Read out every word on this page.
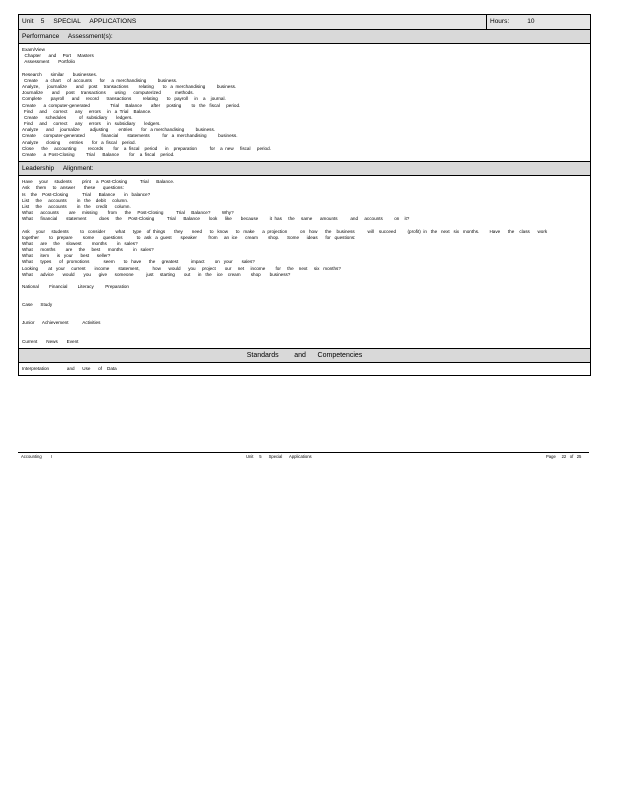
Unit    5     SPECIAL     APPLICATIONS	Hours:          10
Performance     Assessment(s):
Exam/View
Chapter      and     Port     Masters
Assessment       Portfolio
Research       similar       businesses.
Create      a  chart     of  accounts      for     a  merchandising         business.
Analyze,      journalize       and    post     transactions        relating       to   a  merchandising         business.
Journalize       and     post     transactions       using      computerized           methods.
Complete       payroll      and     record      transactions         relating       to   payroll     in    a    journal.
Create      a  computer-generated                Trial     Balance       after     posting        to   the   fiscal     period.
Find     and     correct      any     errors     in   a  Trial    Balance.
Create      schedules          of   subsidiary       ledgers.
Find     and     correct      any     errors     in   subsidiary       ledgers.
Analyze      and     journalize        adjusting        entries       for   a merchandising         business.
Create      computer-generated             financial       statements          for   a  merchandising         business.
Analyze      closing       entries       for   a  fiscal    period.
Close      the     accounting         records        for    a  fiscal    period      in    preparation          for    a  new     fiscal     period.
Create      a  Post-Closing         Trial      Balance        for    a  fiscal    period.
Leadership     Alignment:
Have     your     students        print    a  Post-Closing          Trial      Balance.
Ask     them     to   answer       these      questions:
Is    the    Post-Closing           Trial      Balance       in   balance?
List     the     accounts        in   the    debit     column.
List     the     accounts        in   the    credit      column.
What      accounts        are     missing        from      the     Post-Closing          Trial     Balance?         Why?
What      financial       statement          does     the     Post-Closing          Trial      Balance       look      like       because         it  has     the     same      amounts          and     accounts         on    it?
Ask     your     students         to   consider        what      type    of  things       they       need      to   know      to   make      a  projection          on   how      the    business          will    succeed         (profit)  in   the   next   six   months.        Have      the    class      work
together        to   prepare        some       questions           to   ask   a  guest       speaker         from     an  ice      cream        shop.      Some      ideas      for   questions:
What      are     the     slowest        months        in   sales?
What      months        are     the     best      months        in   sales?
What      item      is   your      best      seller?
What      types      of   promotions           seem       to   have      the     greatest          impact        on   your       sales?
Looking        at   your     current       income       statement,          how      would      you     project       our     net     income        for     the    next     six   months?
What      advice       would       you      give      someone          just     starting       out      in   the    ice    cream        shop       business?
National        Financial        Literacy         Preparation
Case      Study
Junior      Achievement           Activities
Current       News       Event
Standards        and      Competencies
Interpretation              and      Use      of    Data
Accounting        I	Unit     5      Special      Applications	Page     22   of   25
